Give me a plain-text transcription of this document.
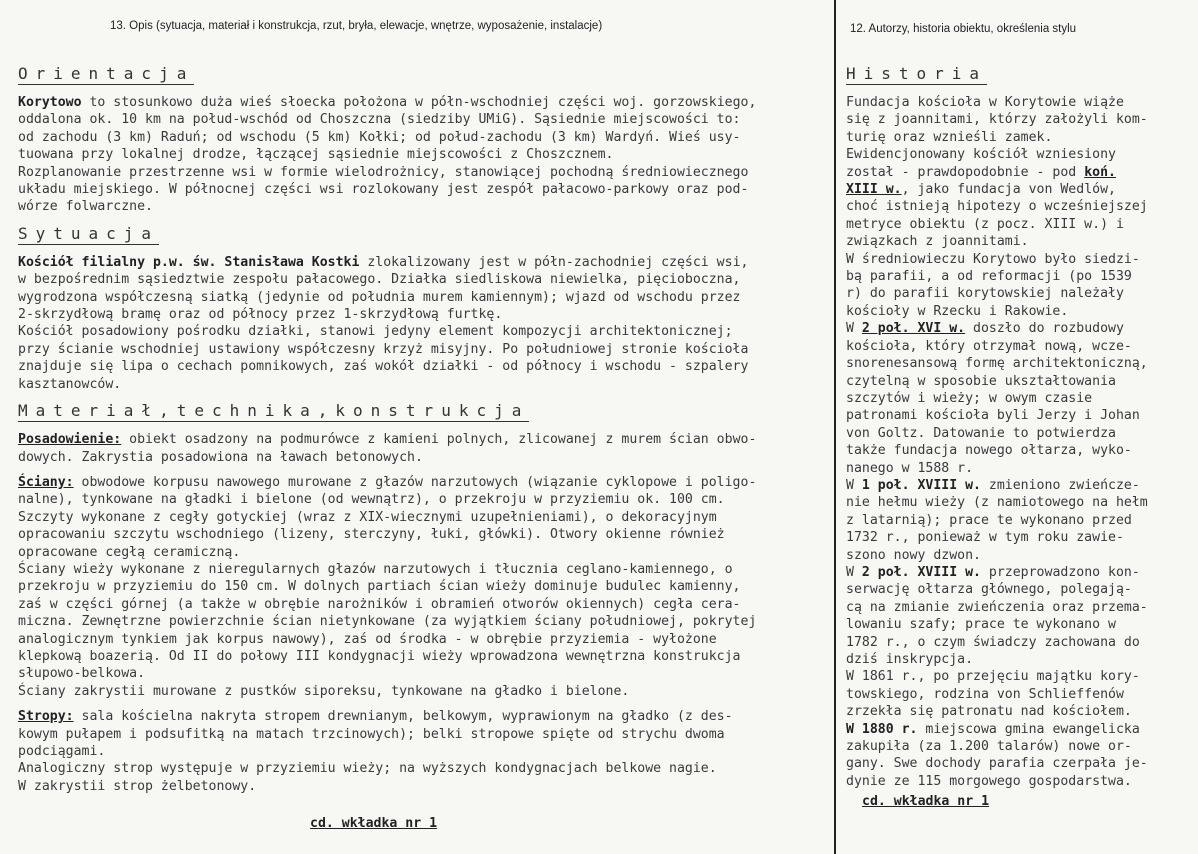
13. Opis (sytuacja, materiał i konstrukcja, rzut, bryła, elewacje, wnętrze, wyposażenie, instalacje)	12. Autorzy, historia obiektu, określenia stylu
Orientacja
Korytowo to stosunkowo duża wieś słoecka położona w półn-wschodniej części woj. gorzowskiego,
oddalona ok. 10 km na połud-wschód od Choszczna (siedziby UMiG). Sąsiednie miejscowości to:
od zachodu (3 km) Raduń; od wschodu (5 km) Kołki; od połud-zachodu (3 km) Wardyń. Wieś usy-
tuowana przy lokalnej drodze, łączącej sąsiednie miejscowości z Choszcznem.
Rozplanowanie przestrzenne wsi w formie wielodrożnicy, stanowiącej pochodną średniowiecznego
układu miejskiego. W północnej części wsi rozlokowany jest zespół pałacowo-parkowy oraz pod-
wórze folwarczne.
Sytuacja
Kościół filialny p.w. św. Stanisława Kostki zlokalizowany jest w półn-zachodniej części wsi,
w bezpośrednim sąsiedztwie zespołu pałacowego. Działka siedliskowa niewielka, pięcioboczna,
wygrodzona współczesną siatką (jedynie od południa murem kamiennym); wjazd od wschodu przez
2-skrzydłową bramę oraz od północy przez 1-skrzydłową furtkę.
Kościół posadowiony pośrodku działki, stanowi jedyny element kompozycji architektonicznej;
przy ścianie wschodniej ustawiony współczesny krzyż misyjny. Po południowej stronie kościoła
znajduje się lipa o cechach pomnikowych, zaś wokół działki - od północy i wschodu - szpalery
kasztanowców.
Materiał,technika,konstrukcja
Posadowienie: obiekt osadzony na podmurówce z kamieni polnych, zlicowanej z murem ścian obwo-
dowych. Zakrystia posadowiona na ławach betonowych.
Ściany: obwodowe korpusu nawowego murowane z głazów narzutowych (wiązanie cyklopowe i poligo-
nalne), tynkowane na gładki i bielone (od wewnątrz), o przekroju w przyziemiu ok. 100 cm.
Szczyty wykonane z cegły gotyckiej (wraz z XIX-wiecznymi uzupełnieniami), o dekoracyjnym
opracowaniu szczytu wschodniego (lizeny, sterczyny, łuki, główki). Otwory okienne również
opracowane cegłą ceramiczną.
Ściany wieży wykonane z nieregularnych głazów narzutowych i tłucznia ceglano-kamiennego, o
przekroju w przyziemiu do 150 cm. W dolnych partiach ścian wieży dominuje budulec kamienny,
zaś w części górnej (a także w obrębie narożników i obramień otworów okiennych) cegła cera-
miczna. Zewnętrzne powierzchnie ścian nietynkowane (za wyjątkiem ściany południowej, pokrytej
analogicznym tynkiem jak korpus nawowy), zaś od środka - w obrębie przyziemia - wyłożone
klepkową boazerią. Od II do połowy III kondygnacji wieży wprowadzona wewnętrzna konstrukcja
słupowo-belkowa.
Ściany zakrystii murowane z pustków siporeksu, tynkowane na gładko i bielone.
Stropy: sala kościelna nakryta stropem drewnianym, belkowym, wyprawionym na gładko (z des-
kowym pułapem i podsufitką na matach trzcinowych); belki stropowe spięte od strychu dwoma
podciągami.
Analogiczny strop występuje w przyziemiu wieży; na wyższych kondygnacjach belkowe nagie.
W zakrystii strop żelbetonowy.
cd. wkładka nr 1
Historia
Fundacja kościoła w Korytowie wiąże
się z joannitami, którzy założyli kom-
turię oraz wznieśli zamek.
Ewidencjonowany kościół wzniesiony
został - prawdopodobnie - pod koń.
XIII w., jako fundacja von Wedlów,
choć istnieją hipotezy o wcześniejszej
metryce obiektu (z pocz. XIII w.) i
związkach z joannitami.
W średniowieczu Korytowo było siedzi-
bą parafii, a od reformacji (po 1539
r) do parafii korytowskiej należały
kościoły w Rzecku i Rakowie.
W 2 poł. XVI w. doszło do rozbudowy
kościoła, który otrzymał nową, wcze-
snorenesansową formę architektoniczną,
czytelną w sposobie ukształtowania
szczytów i wieży; w owym czasie
patronami kościoła byli Jerzy i Johan
von Goltz. Datowanie to potwierdza
także fundacja nowego ołtarza, wyko-
nanego w 1588 r.
W 1 poł. XVIII w. zmieniono zwieńcze-
nie hełmu wieży (z namiotowego na hełm
z latarnią); prace te wykonano przed
1732 r., ponieważ w tym roku zawie-
szono nowy dzwon.
W 2 poł. XVIII w. przeprowadzono kon-
serwację ołtarza głównego, polegają-
cą na zmianie zwieńczenia oraz przema-
lowaniu szafy; prace te wykonano w
1782 r., o czym świadczy zachowana do
dziś inskrypcja.
W 1861 r., po przejęciu majątku kory-
towskiego, rodzina von Schlieffenów
zrzekła się patronatu nad kościołem.
W 1880 r. miejscowa gmina ewangelicka
zakupiła (za 1.200 talarów) nowe or-
gany. Swe dochody parafia czerpała je-
dynie ze 115 morgowego gospodarstwa.
cd. wkładka nr 1
